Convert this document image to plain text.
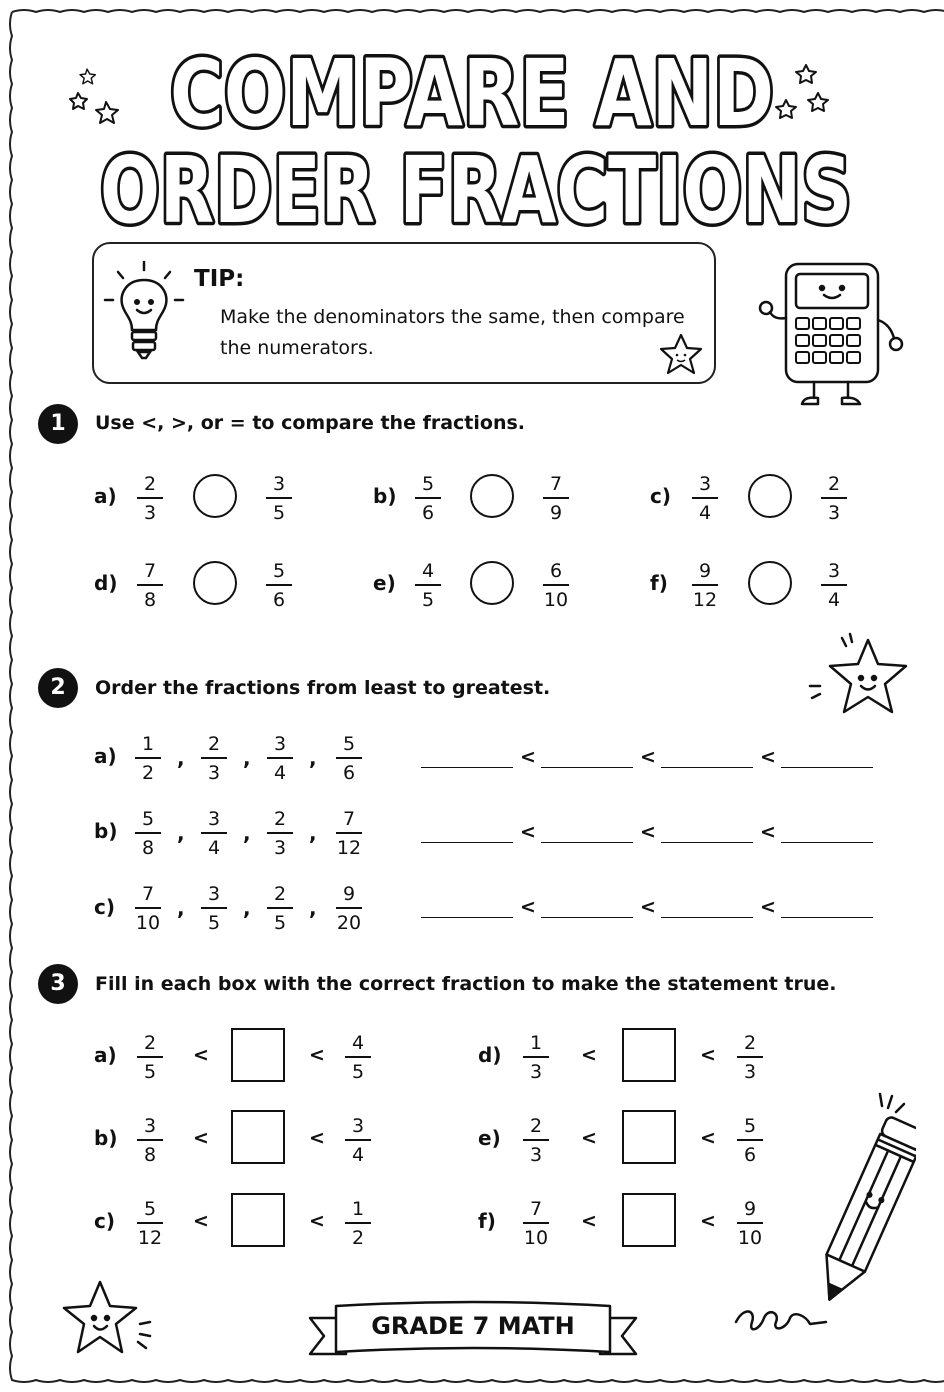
COMPARE AND
ORDER FRACTIONS
TIP:
Make the denominators the same, then compare the numerators.
1	Use <, >, or = to compare the fractions.
$a) \frac{2}{3}$	$\frac{3}{5}$	$b) \frac{5}{6}$	$\frac{7}{9}$	$c) \frac{3}{4}$	$\frac{2}{3}$
$d) \frac{7}{8}$	$\frac{5}{6}$	$e) \frac{4}{5}$	$\frac{6}{10}$	$f) \frac{9}{12}$	$\frac{3}{4}$
2	Order the fractions from least to greatest.
$a) \frac{1}{2}$ , $\frac{2}{3}$ , $\frac{3}{4}$ , $\frac{5}{6}$	<	<	<
$b) \frac{5}{8}$ , $\frac{3}{4}$ , $\frac{2}{3}$ , $\frac{7}{12}$	<	<	<
$c) \frac{7}{10}$ , $\frac{3}{5}$ , $\frac{2}{5}$ , $\frac{9}{20}$	<	<	<
3	Fill in each box with the correct fraction to make the statement true.
$a) \frac{2}{5}$ <	< $\frac{4}{5}$
$b) \frac{3}{8}$ <	< $\frac{3}{4}$
$c) \frac{5}{12}$ <	< $\frac{1}{2}$
$d) \frac{1}{3}$ <	< $\frac{2}{3}$
$e) \frac{2}{3}$ <	< $\frac{5}{6}$
$f) \frac{7}{10}$ <	< $\frac{9}{10}$
GRADE 7 MATH
